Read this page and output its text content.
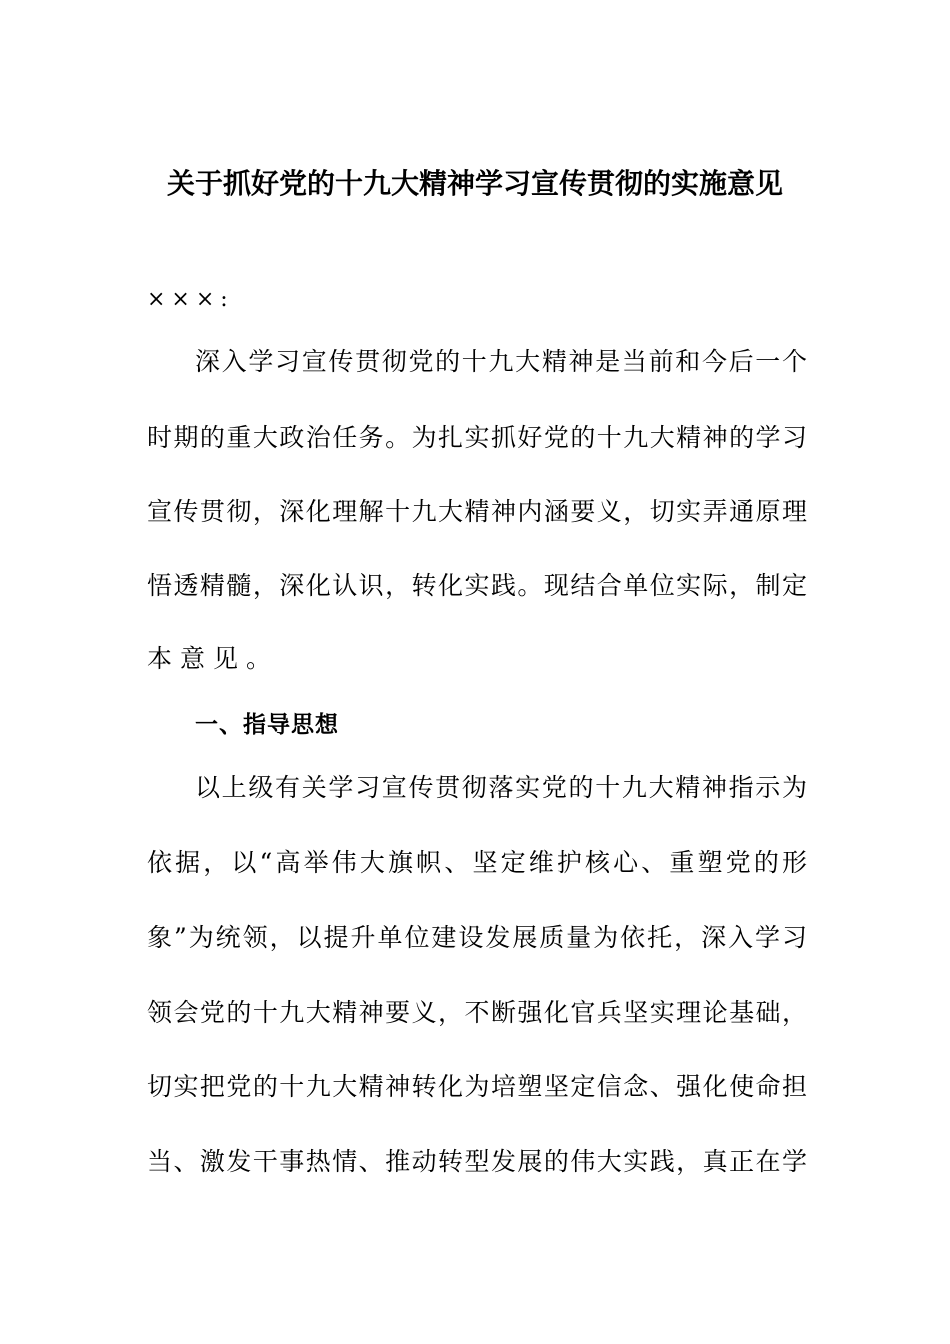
关于抓好党的十九大精神学习宣传贯彻的实施意见
×××:
深入学习宣传贯彻党的十九大精神是当前和今后一个
时期的重大政治任务。为扎实抓好党的十九大精神的学习
宣传贯彻，深化理解十九大精神内涵要义，切实弄通原理
悟透精髓，深化认识，转化实践。现结合单位实际，制定
本意见。
一、指导思想
以上级有关学习宣传贯彻落实党的十九大精神指示为
依据，以“高举伟大旗帜、坚定维护核心、重塑党的形
象”为统领，以提升单位建设发展质量为依托，深入学习
领会党的十九大精神要义，不断强化官兵坚实理论基础，
切实把党的十九大精神转化为培塑坚定信念、强化使命担
当、激发干事热情、推动转型发展的伟大实践，真正在学
